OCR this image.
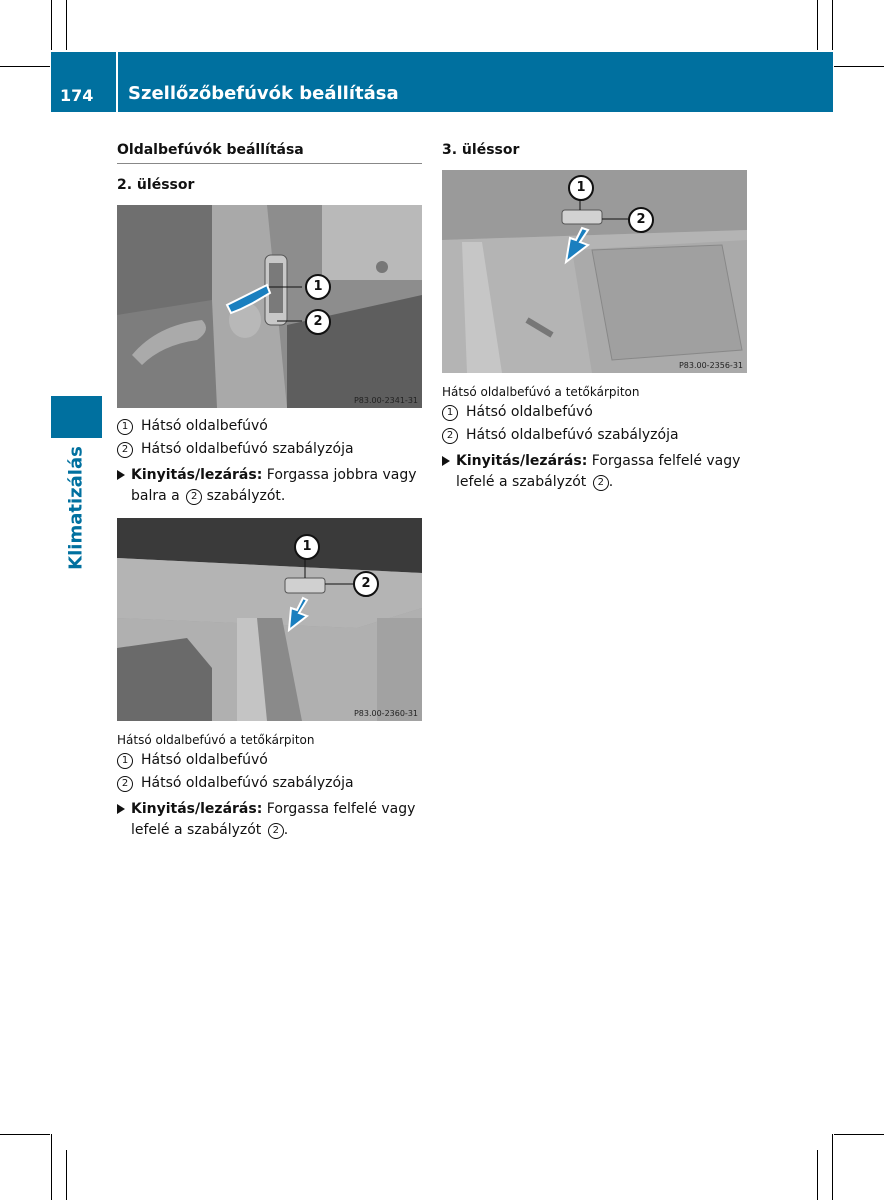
174 Szellőzőbefúvók beállítása
Klimatizálás
Oldalbefúvók beállítása
2. üléssor
1
2
P83.00-2341-31
1 Hátsó oldalbefúvó
2 Hátsó oldalbefúvó szabályzója
Kinyitás/lezárás: Forgassa jobbra vagy
balra a 2 szabályzót.
1
2
P83.00-2360-31
Hátsó oldalbefúvó a tetőkárpiton
1 Hátsó oldalbefúvó
2 Hátsó oldalbefúvó szabályzója
Kinyitás/lezárás: Forgassa felfelé vagy
lefelé a szabályzót 2 .
3. üléssor
1
2
P83.00-2356-31
Hátsó oldalbefúvó a tetőkárpiton
1 Hátsó oldalbefúvó
2 Hátsó oldalbefúvó szabályzója
Kinyitás/lezárás: Forgassa felfelé vagy
lefelé a szabályzót 2 .
